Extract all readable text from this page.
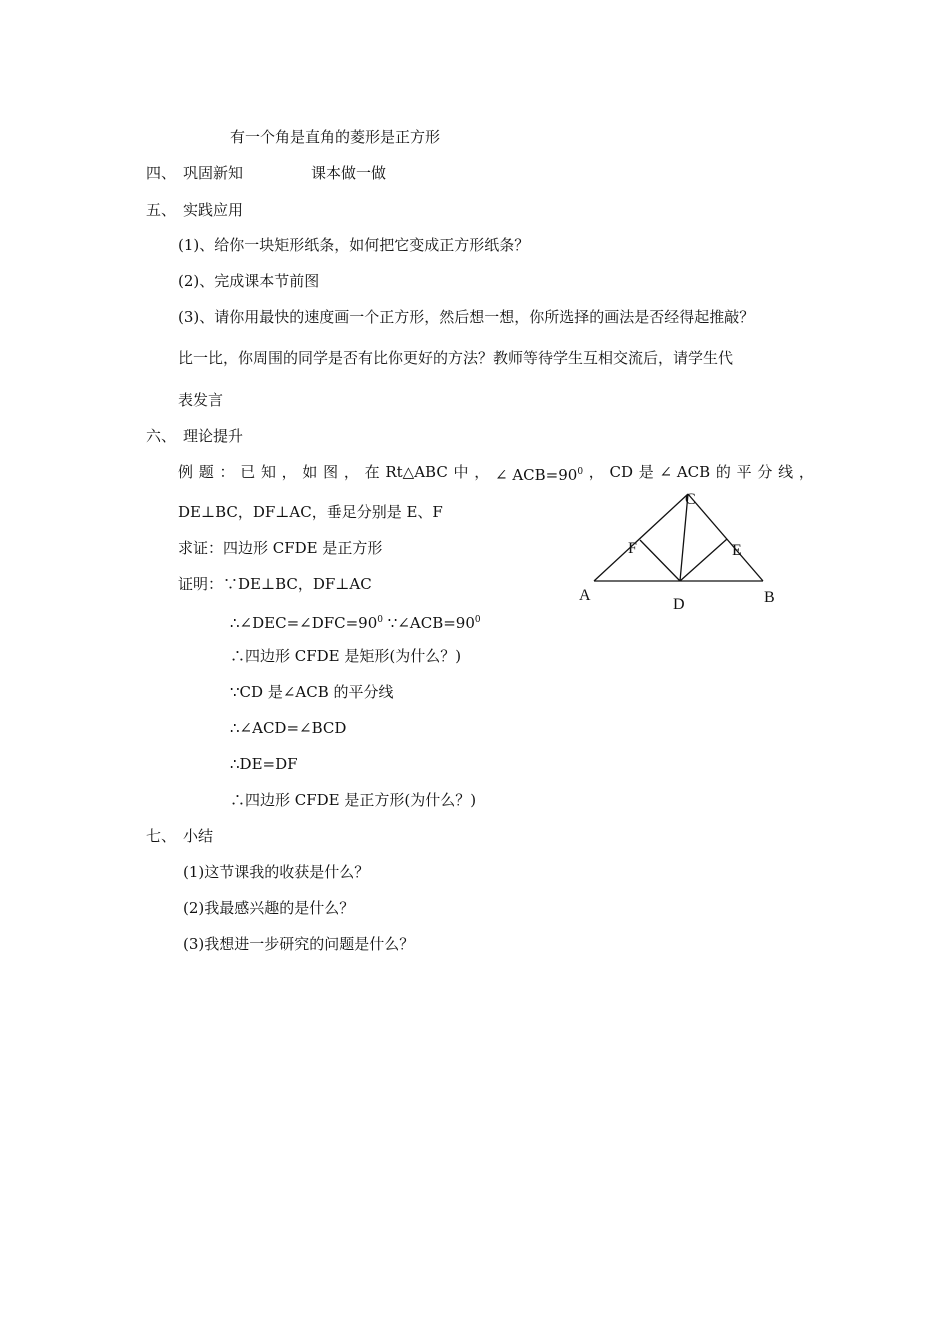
有一个角是直角的菱形是正方形
四、 巩固新知	课本做一做
五、 实践应用
(1)、给你一块矩形纸条，如何把它变成正方形纸条？
(2)、完成课本节前图
(3)、请你用最快的速度画一个正方形，然后想一想，你所选择的画法是否经得起推敲？
比一比，你周围的同学是否有比你更好的方法？教师等待学生互相交流后，请学生代
表发言
六、 理论提升
例 题 ： 已 知 ， 如 图 ， 在 Rt△ABC 中 ， ∠ $ACB=90^0$ ， CD 是 ∠ ACB 的 平 分 线 ，
DE⊥BC，DF⊥AC，垂足分别是 E、F
求证：四边形 CFDE 是正方形
证明：∵DE⊥BC，DF⊥AC
$\therefore\angle DEC=\angle DFC=90^0$ $\because\angle ACB=90^0$
∴四边形 CFDE 是矩形(为什么？)
∵CD 是∠ACB 的平分线
∴∠ACD=∠BCD
∴DE=DF
∴四边形 CFDE 是正方形(为什么？)
C
F	E
A
D	B
七、 小结
(1)这节课我的收获是什么？
(2)我最感兴趣的是什么？
(3)我想进一步研究的问题是什么？
